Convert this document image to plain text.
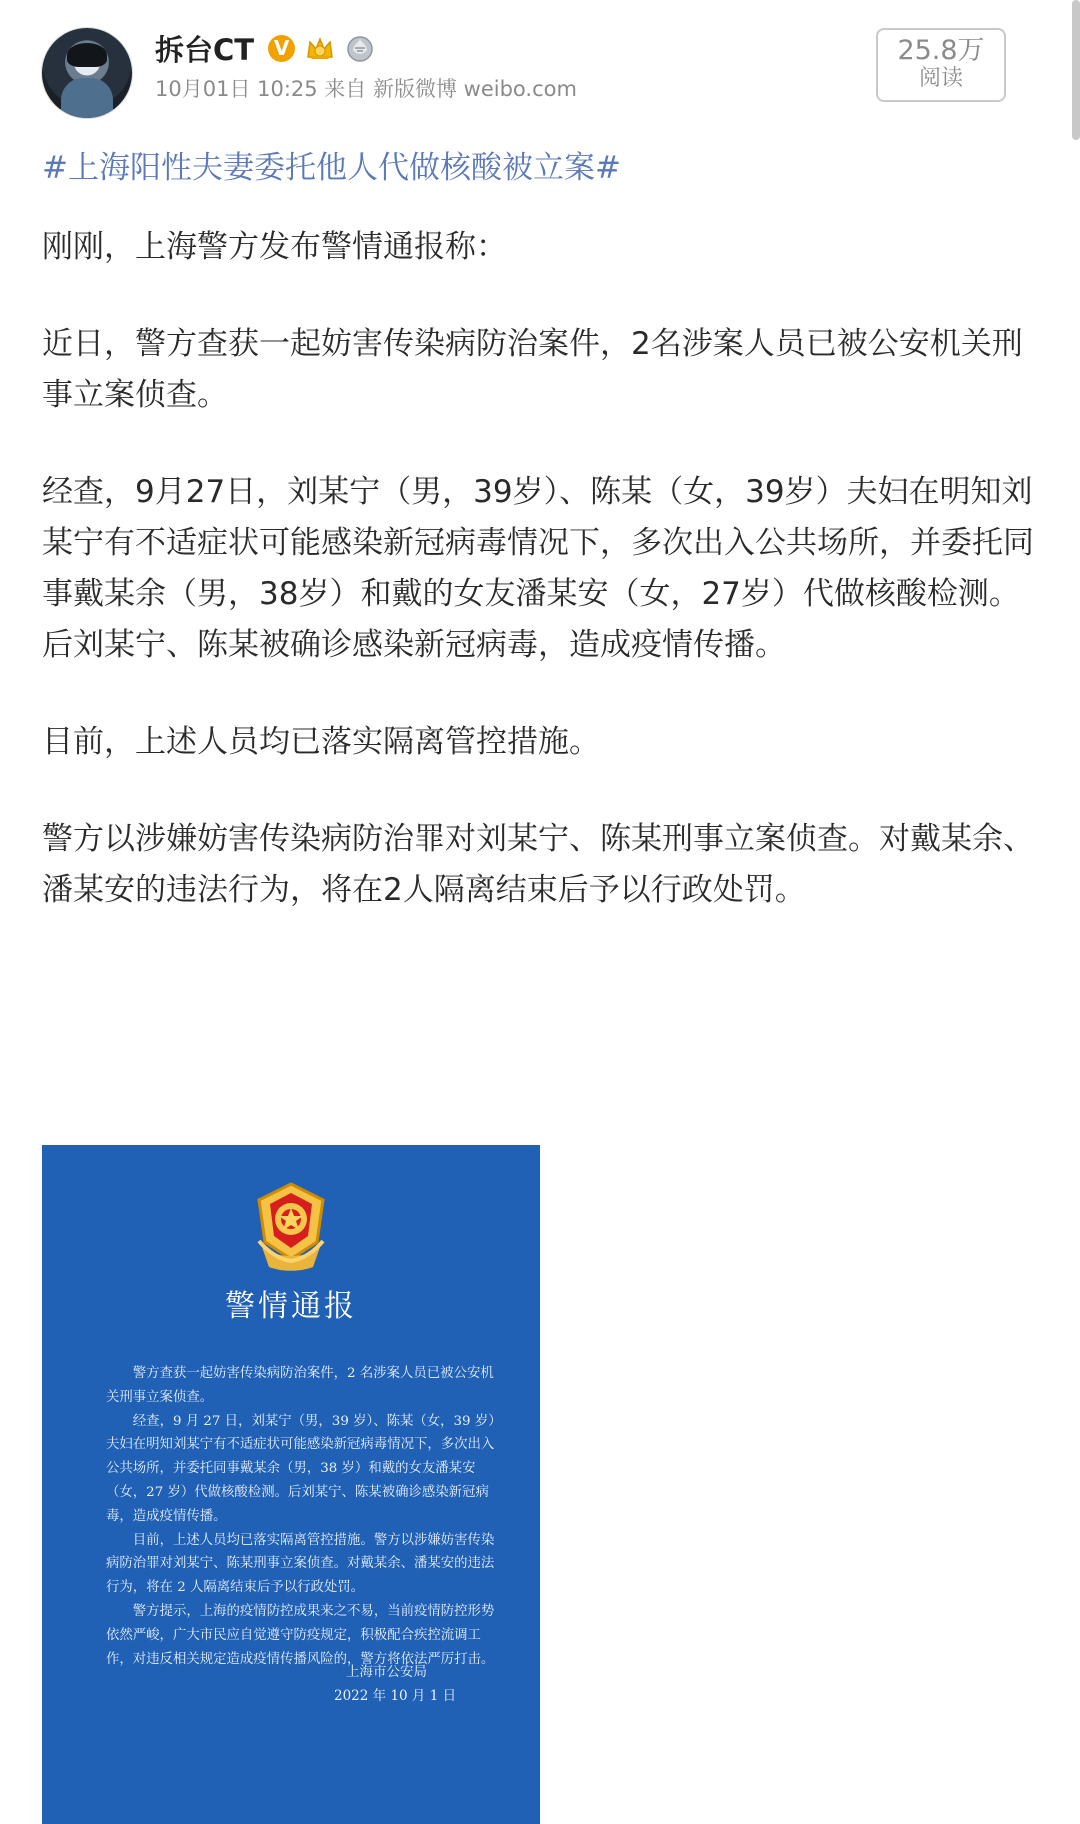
拆台CT V
10月01日 10:25 来自 新版微博 weibo.com
25.8万
阅读
#上海阳性夫妻委托他人代做核酸被立案#

刚刚，上海警方发布警情通报称：

近日，警方查获一起妨害传染病防治案件，2名涉案人员已被公安机关刑事立案侦查。

经查，9月27日，刘某宁（男，39岁）、陈某（女，39岁）夫妇在明知刘某宁有不适症状可能感染新冠病毒情况下，多次出入公共场所，并委托同事戴某余（男，38岁）和戴的女友潘某安（女，27岁）代做核酸检测。后刘某宁、陈某被确诊感染新冠病毒，造成疫情传播。

目前，上述人员均已落实隔离管控措施。

警方以涉嫌妨害传染病防治罪对刘某宁、陈某刑事立案侦查。对戴某余、潘某安的违法行为，将在2人隔离结束后予以行政处罚。

警情通报

警方查获一起妨害传染病防治案件，2 名涉案人员已被公安机关刑事立案侦查。

经查，9 月 27 日，刘某宁（男，39 岁）、陈某（女，39 岁）夫妇在明知刘某宁有不适症状可能感染新冠病毒情况下，多次出入公共场所，并委托同事戴某余（男，38 岁）和戴的女友潘某安（女，27 岁）代做核酸检测。后刘某宁、陈某被确诊感染新冠病毒，造成疫情传播。

目前，上述人员均已落实隔离管控措施。警方以涉嫌妨害传染病防治罪对刘某宁、陈某刑事立案侦查。对戴某余、潘某安的违法行为，将在 2 人隔离结束后予以行政处罚。

警方提示，上海的疫情防控成果来之不易，当前疫情防控形势依然严峻，广大市民应自觉遵守防疫规定，积极配合疾控流调工作，对违反相关规定造成疫情传播风险的，警方将依法严厉打击。

上海市公安局
2022 年 10 月 1 日
